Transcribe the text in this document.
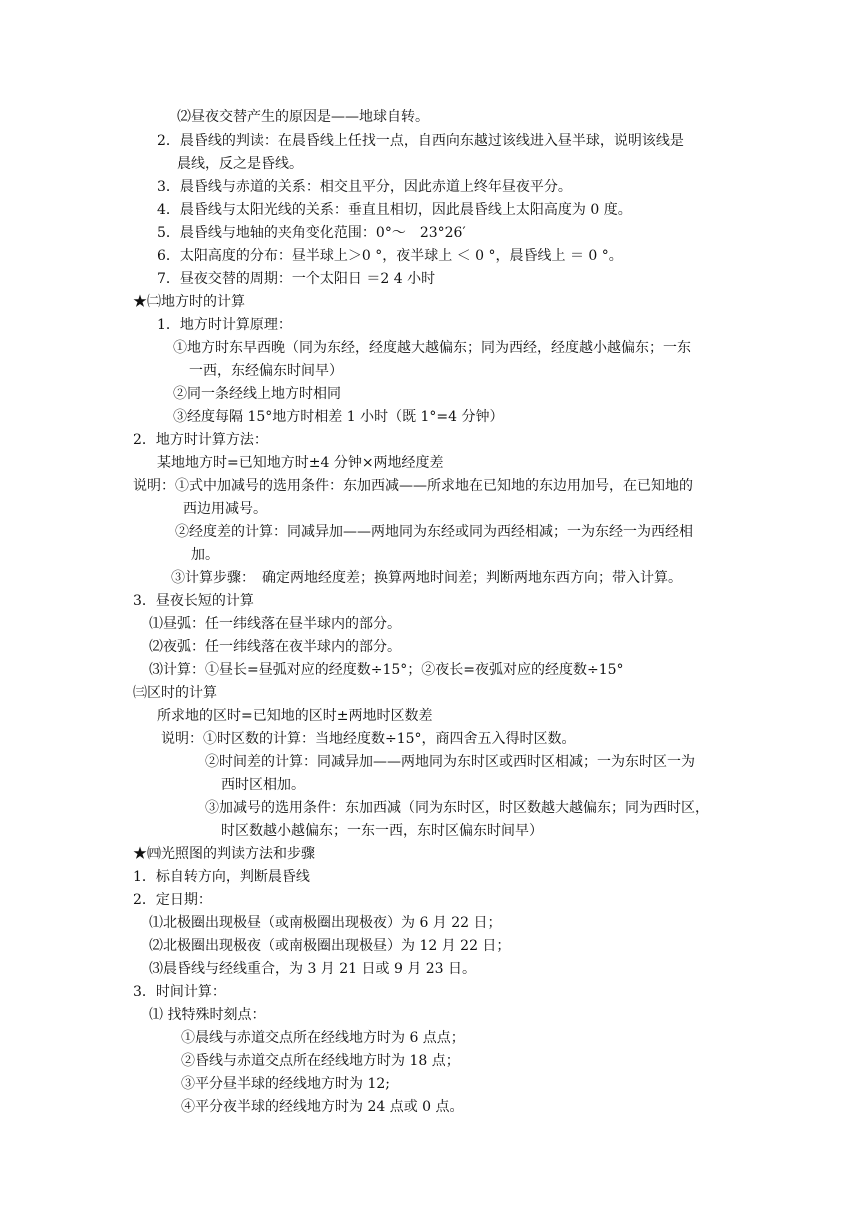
⑵昼夜交替产生的原因是——地球自转。
2．晨昏线的判读：在晨昏线上任找一点，自西向东越过该线进入昼半球，说明该线是
晨线，反之是昏线。
3．晨昏线与赤道的关系：相交且平分，因此赤道上终年昼夜平分。
4．晨昏线与太阳光线的关系：垂直且相切，因此晨昏线上太阳高度为 0 度。
5．晨昏线与地轴的夹角变化范围：0°～　23°26′
6．太阳高度的分布：昼半球上＞0 °，夜半球上 ＜ 0 °，晨昏线上 ＝ 0 °。
7．昼夜交替的周期：一个太阳日 ＝2 4 小时
★㈡地方时的计算
1．地方时计算原理：
①地方时东早西晚（同为东经，经度越大越偏东；同为西经，经度越小越偏东；一东
一西，东经偏东时间早）
②同一条经线上地方时相同
③经度每隔 15°地方时相差 1 小时（既 1°=4 分钟）
2．地方时计算方法：
某地地方时=已知地方时±4 分钟×两地经度差
说明：①式中加减号的选用条件：东加西减——所求地在已知地的东边用加号，在已知地的
西边用减号。
②经度差的计算：同减异加——两地同为东经或同为西经相减；一为东经一为西经相
加。
③计算步骤：　确定两地经度差；换算两地时间差；判断两地东西方向；带入计算。
3．昼夜长短的计算
⑴昼弧：任一纬线落在昼半球内的部分。
⑵夜弧：任一纬线落在夜半球内的部分。
⑶计算：①昼长=昼弧对应的经度数÷15°；②夜长=夜弧对应的经度数÷15°
㈢区时的计算
所求地的区时=已知地的区时±两地时区数差
说明：①时区数的计算：当地经度数÷15°，商四舍五入得时区数。
②时间差的计算：同减异加——两地同为东时区或西时区相减；一为东时区一为
西时区相加。
③加减号的选用条件：东加西减（同为东时区，时区数越大越偏东；同为西时区，
时区数越小越偏东；一东一西，东时区偏东时间早）
★㈣光照图的判读方法和步骤
1．标自转方向，判断晨昏线
2．定日期：
⑴北极圈出现极昼（或南极圈出现极夜）为 6 月 22 日；
⑵北极圈出现极夜（或南极圈出现极昼）为 12 月 22 日；
⑶晨昏线与经线重合，为 3 月 21 日或 9 月 23 日。
3．时间计算：
⑴ 找特殊时刻点：
①晨线与赤道交点所在经线地方时为 6 点点；
②昏线与赤道交点所在经线地方时为 18 点；
③平分昼半球的经线地方时为 12;
④平分夜半球的经线地方时为 24 点或 0 点。
